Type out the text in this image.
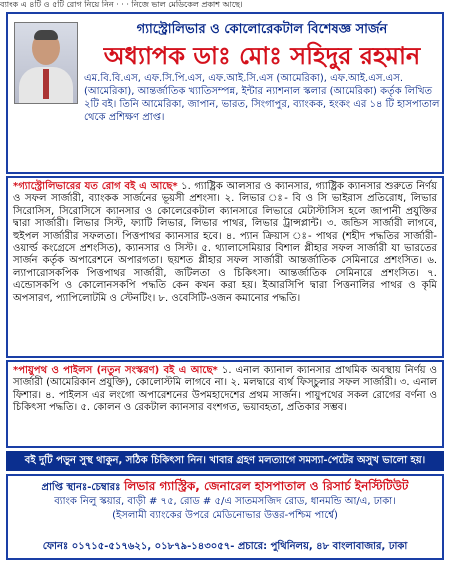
ব্যাংক এ ৪টি ও ৫টি রোগ নিয়ে নিন · · · নিজে ভাল মেডিকেল প্রকাশ আছে।
গ্যাস্ট্রোলিভার ও কোলোরেকটাল বিশেষজ্ঞ সার্জন
অধ্যাপক ডাঃ মোঃ সহিদুর রহমান
এম.বি.বি.এস, এফ.সি.পি.এস, এফ.আই.সি.এস (আমেরিকা), এফ.আই.এস.এস. (আমেরিকা), আন্তর্জাতিক খ্যাতিসম্পন্ন, ইন্টার ন্যাশনাল স্কলার (আমেরিকা) কর্তৃক লিখিত ২টি বই। তিনি আমেরিকা, জাপান, ভারত, সিংগাপুর, ব্যাংকক, হংকং এর ১৪ টি হাসপাতাল থেকে প্রশিক্ষণ প্রাপ্ত।
*গ্যাস্ট্রোলিভারের যত রোগ বই এ আছে* ১. গ্যাষ্ট্রিক আলসার ও ক্যানসার, গ্যাষ্ট্রিক ক্যানসার শুরুতে নির্ণয় ও সফল সার্জারী, ব্যাংকক সার্জনের ভূয়সী প্রশংসা। ২. লিভার ঃ- বি ও সি ভাইরাস প্রতিরোধ, লিভার সিরোসিস, সিরোসিসে ক্যানসার ও কোলেরেকটাল ক্যানসারে লিভারে মেটাস্টাসিস হলে জাপানী প্রযুক্তির দ্বারা সার্জারী। লিভার সিস্ট, ফ্যাটি লিভার, লিভার পাথর, লিভার ট্রান্সপ্লান্ট। ৩. জন্ডিস সার্জারী লাগবে, হুইপল সার্জারীর সফলতা। পিত্তপাথর ক্যানসার হবে। ৪. প্যান ক্রিয়াস ঃ- পাথর (শহীদ পদ্ধতির সার্জারী-ওয়ার্ল্ড কংগ্রেসে প্রশংসিত), ক্যানসার ও সিস্ট। ৫. থ্যালাসেমিয়ার বিশাল প্লীহার সফল সার্জারী যা ভারতের সার্জন কর্তৃক অপারেশনে অপারগতা। ছয়শত প্লীহার সফল সার্জারী আন্তর্জাতিক সেমিনারে প্রশংসিত। ৬. ল্যাপারোসকপিক পিত্তপাথর সার্জারী, জটিলতা ও চিকিৎসা। আন্তর্জাতিক সেমিনারে প্রশংসিত। ৭. এন্ডোসকপি ও কোলোনসকপি পদ্ধতি কেন কখন করা হয়। ইআরসিপি দ্বারা পিত্তনালির পাথর ও কৃমি অপসারণ, প্যাপিলোটমি ও স্টেনটিং। ৮. ওবেসিটি-ওজন কমানোর পদ্ধতি।
*পায়ুপথ ও পাইলস (নতুন সংস্করণ) বই এ আছে* ১. এনাল ক্যানাল ক্যানসার প্রাথমিক অবস্থায় নির্ণয় ও সার্জারী (আমেরিকান প্রযুক্তি), কোলোস্টমি লাগবে না। ২. মলদ্বারে ব্যর্থ ফিস্চুলার সফল সার্জারী। ৩. এনাল ফিশার। ৪. পাইলস এর লংগো অপারেশনের উপমহাদেশের প্রথম সার্জন। পায়ুপথের সকল রোগের বর্ণনা ও চিকিৎসা পদ্ধতি। ৫. কোলন ও রেকটাল ক্যানসার বংশগত, ভয়াবহতা, প্রতিকার সম্ভব।
বই দুটি পড়ুন সুস্থ থাকুন, সঠিক চিকিৎসা নিন। খাবার গ্রহণ মলত্যাগে সমস্যা-পেটের অসুখ ভালো হয়।
প্রাপ্তি স্থানঃ-চেম্বারঃ লিভার গ্যাস্ট্রিক, জেনারেল হাসপাতাল ও রিসার্চ ইনস্টিটিউট
ব্যাংক নিলু স্কয়ার, বাড়ী # ৭৫, রোড # ৫/এ সাতমসজিদ রোড, ধানমন্ডি আ/এ, ঢাকা।
(ইসলামী ব্যাংকের উপরে মেডিনোভার উত্তর-পশ্চিম পার্শ্বে)
ফোনঃ ০১৭১৫-৫১৭৬২১, ০১৮৭৯-১৪৩০৫৭- প্রচারে: পুথিনিলয়, ৪৮ বাংলাবাজার, ঢাকা
